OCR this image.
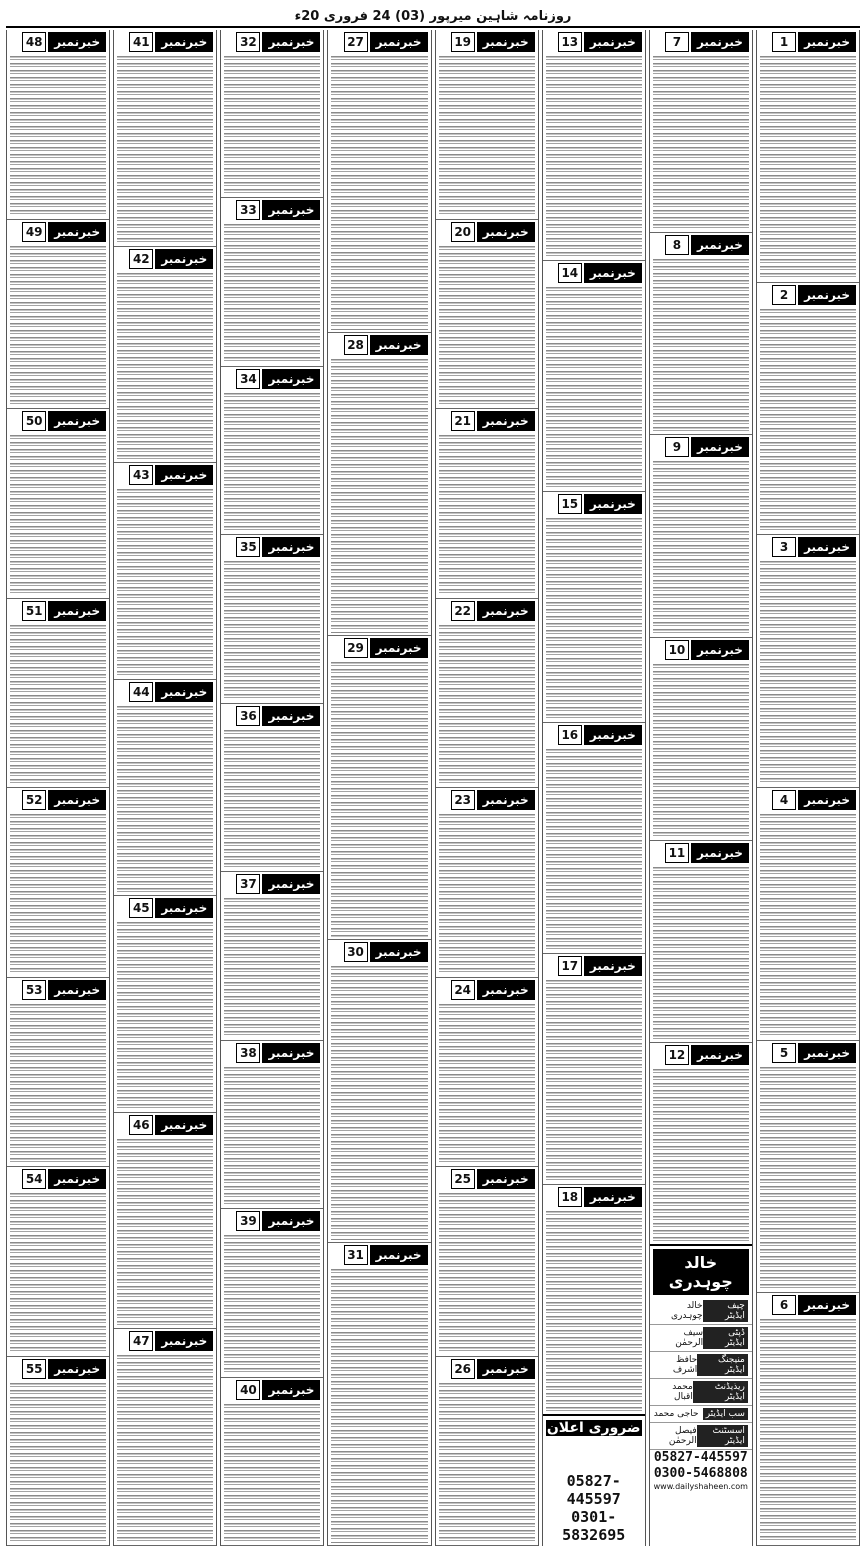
روزنامہ شاہین میرپور (03) 24 فروری 20ء
خبرنمبر
1
خبرنمبر
2
خبرنمبر
3
خبرنمبر
4
خبرنمبر
5
خبرنمبر
6
خبرنمبر
7
خبرنمبر
8
خبرنمبر
9
خبرنمبر
10
خبرنمبر
11
خبرنمبر
12
خالد چوہدری
چیف ایڈیٹر
خالد چوہدری
ڈپٹی ایڈیٹر
سیف الرحمٰن
منیجنگ ایڈیٹر
حافظ اشرف
ریذیڈنٹ ایڈیٹر
محمد اقبال
سب ایڈیٹر
حاجی محمد
اسسٹنٹ ایڈیٹر
فیصل الرحمٰن
05827-445597
0300-5468808
www.dailyshaheen.com
خبرنمبر
13
خبرنمبر
14
خبرنمبر
15
خبرنمبر
16
خبرنمبر
17
خبرنمبر
18
ضروری اعلان
05827-445597
0301-5832695
خبرنمبر
19
خبرنمبر
20
خبرنمبر
21
خبرنمبر
22
خبرنمبر
23
خبرنمبر
24
خبرنمبر
25
خبرنمبر
26
خبرنمبر
27
خبرنمبر
28
خبرنمبر
29
خبرنمبر
30
خبرنمبر
31
خبرنمبر
32
خبرنمبر
33
خبرنمبر
34
خبرنمبر
35
خبرنمبر
36
خبرنمبر
37
خبرنمبر
38
خبرنمبر
39
خبرنمبر
40
خبرنمبر
41
خبرنمبر
42
خبرنمبر
43
خبرنمبر
44
خبرنمبر
45
خبرنمبر
46
خبرنمبر
47
خبرنمبر
48
خبرنمبر
49
خبرنمبر
50
خبرنمبر
51
خبرنمبر
52
خبرنمبر
53
خبرنمبر
54
خبرنمبر
55
